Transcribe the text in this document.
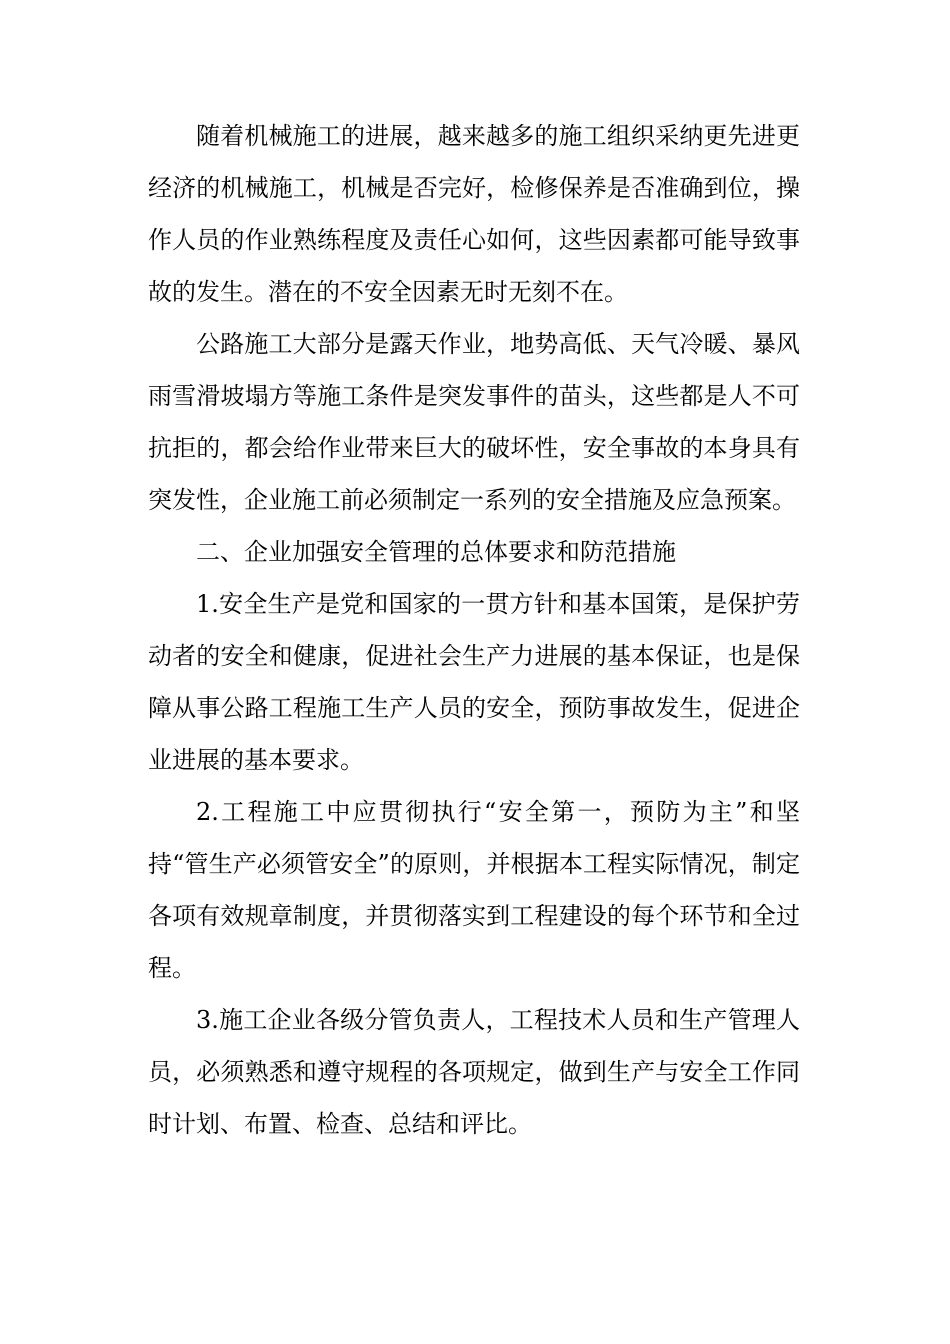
随着机械施工的进展，越来越多的施工组织采纳更先进更经济的机械施工，机械是否完好，检修保养是否准确到位，操作人员的作业熟练程度及责任心如何，这些因素都可能导致事故的发生。潜在的不安全因素无时无刻不在。

公路施工大部分是露天作业，地势高低、天气冷暖、暴风雨雪滑坡塌方等施工条件是突发事件的苗头，这些都是人不可抗拒的，都会给作业带来巨大的破坏性，安全事故的本身具有突发性，企业施工前必须制定一系列的安全措施及应急预案。

二、企业加强安全管理的总体要求和防范措施

1.安全生产是党和国家的一贯方针和基本国策，是保护劳动者的安全和健康，促进社会生产力进展的基本保证，也是保障从事公路工程施工生产人员的安全，预防事故发生，促进企业进展的基本要求。

2.工程施工中应贯彻执行“安全第一，预防为主”和坚持“管生产必须管安全”的原则，并根据本工程实际情况，制定各项有效规章制度，并贯彻落实到工程建设的每个环节和全过程。

3.施工企业各级分管负责人，工程技术人员和生产管理人员，必须熟悉和遵守规程的各项规定，做到生产与安全工作同时计划、布置、检查、总结和评比。
